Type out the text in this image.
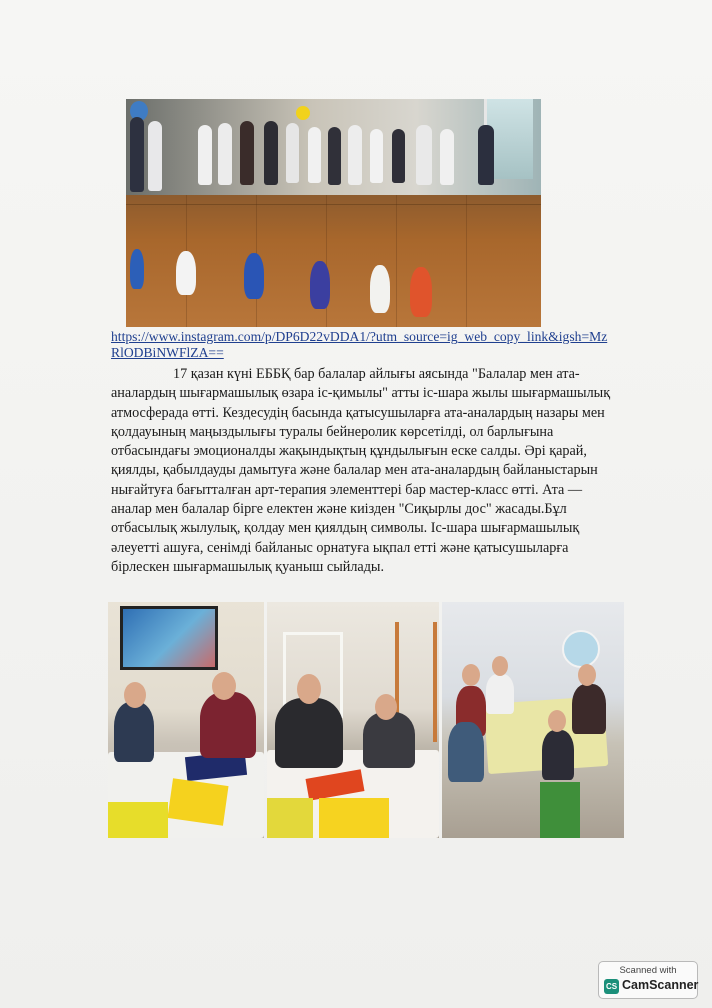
https://www.instagram.com/p/DP6D22vDDA1/?utm_source=ig_web_copy_link&igsh=MzRlODBiNWFlZA==
17 қазан күні ЕББҚ бар балалар айлығы аясында "Балалар мен ата-аналардың шығармашылық өзара іс-қимылы" атты іс-шара жылы шығармашылық атмосферада өтті. Кездесудің басында қатысушыларға ата-аналардың назары мен қолдауының маңыздылығы туралы бейнеролик көрсетілді, ол барлығына отбасындағы эмоционалды жақындықтың құндылығын еске салды. Әрі қарай, қиялды, қабылдауды дамытуға және балалар мен ата-аналардың байланыстарын нығайтуға бағытталған арт-терапия элементтері бар мастер-класс өтті. Ата — аналар мен балалар бірге електен және киізден "Сиқырлы дос" жасады.Бұл отбасылық жылулық, қолдау мен қиялдың символы. Іс-шара шығармашылық әлеуетті ашуға, сенімді байланыс орнатуға ықпал етті және қатысушыларға бірлескен шығармашылық қуаныш сыйлады.
Scanned with
CS CamScanner
